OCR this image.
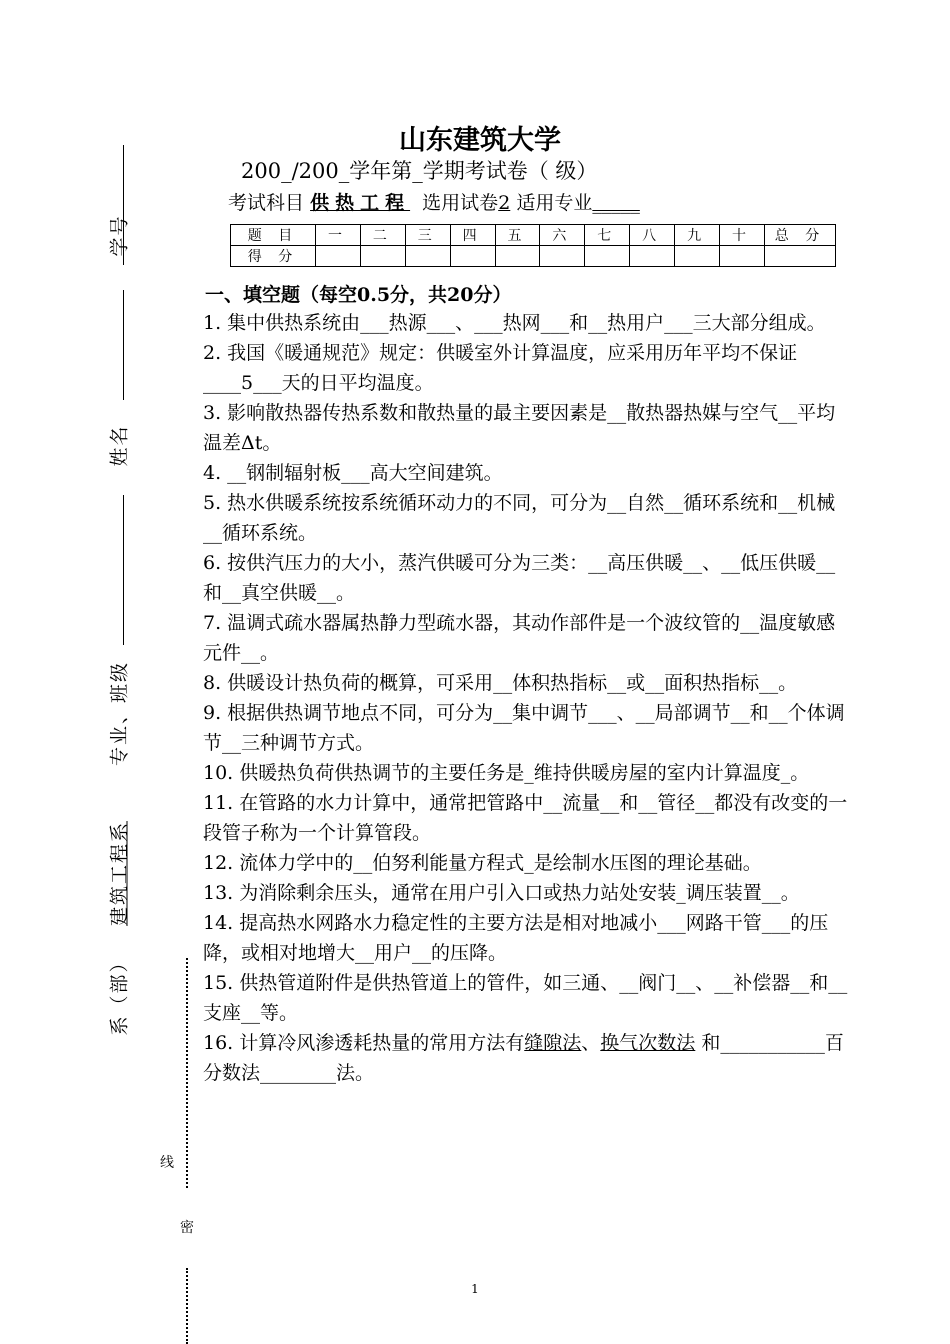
学号
姓名
专业、班级
建筑工程系
系（部）
线
密
山东建筑大学
200_/200_学年第_学期考试卷（ 级）
考试科目 供热工程 选用试卷2 适用专业_____
题 目	一	二	三	四	五	六	七	八	九	十	总 分
得 分											
一、填空题（每空0.5分，共20分）

1. 集中供热系统由___热源___、___热网___和__热用户___三大部分组成。

2. 我国《暖通规范》规定：供暖室外计算温度，应采用历年平均不保证____5___天的日平均温度。

3. 影响散热器传热系数和散热量的最主要因素是__散热器热媒与空气__平均温差Δt。

4. __钢制辐射板___高大空间建筑。

5. 热水供暖系统按系统循环动力的不同，可分为__自然__循环系统和__机械__循环系统。

6. 按供汽压力的大小，蒸汽供暖可分为三类：__高压供暖__、__低压供暖__和__真空供暖__。

7. 温调式疏水器属热静力型疏水器，其动作部件是一个波纹管的__温度敏感元件__。

8. 供暖设计热负荷的概算，可采用__体积热指标__或__面积热指标__。

9. 根据供热调节地点不同，可分为__集中调节___、__局部调节__和__个体调节__三种调节方式。

10. 供暖热负荷供热调节的主要任务是_维持供暖房屋的室内计算温度_。

11. 在管路的水力计算中，通常把管路中__流量__和__管径__都没有改变的一段管子称为一个计算管段。

12. 流体力学中的__伯努利能量方程式_是绘制水压图的理论基础。

13. 为消除剩余压头，通常在用户引入口或热力站处安装_调压装置__。

14. 提高热水网路水力稳定性的主要方法是相对地减小___网路干管___的压降，或相对地增大__用户__的压降。

15. 供热管道附件是供热管道上的管件，如三通、__阀门__、__补偿器__和__支座__等。

16. 计算冷风渗透耗热量的常用方法有缝隙法、换气次数法 和___________百分数法________法。

1
